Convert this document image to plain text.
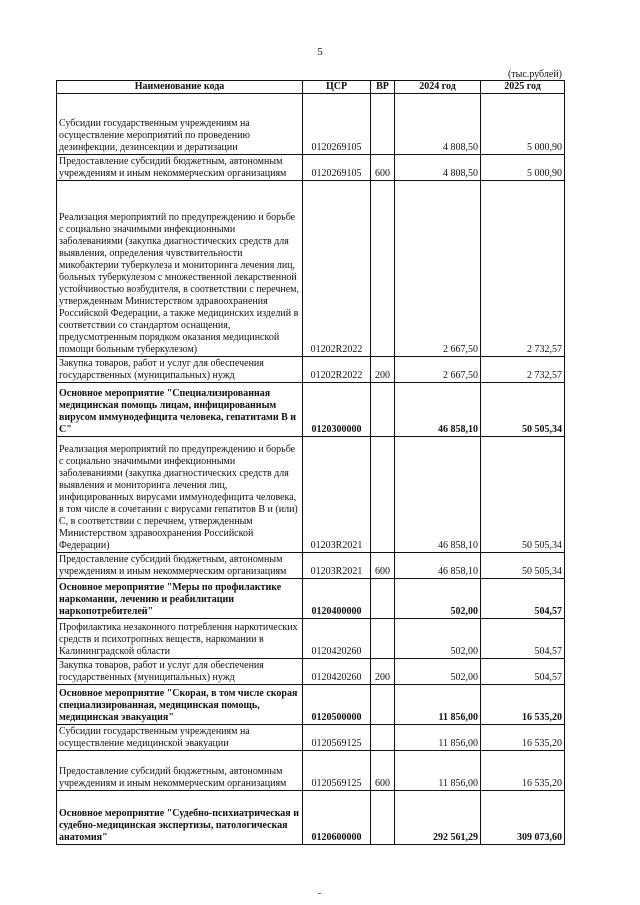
5
(тыс.рублей)
Наименование кода	ЦСР	ВР	2024 год	2025 год
Субсидии государственным учреждениям на осуществление мероприятий по проведению дезинфекции, дезинсекции и дератизации	0120269105		4 808,50	5 000,90
Предоставление субсидий бюджетным, автономным учреждениям и иным некоммерческим организациям	0120269105	600	4 808,50	5 000,90
Реализация мероприятий по предупреждению и борьбе с социально значимыми инфекционными заболеваниями (закупка диагностических средств для выявления, определения чувствительности микобактерии туберкулеза и мониторинга лечения лиц, больных туберкулезом с множественной лекарственной устойчивостью возбудителя, в соответствии с перечнем, утвержденным Министерством здравоохранения Российской Федерации, а также медицинских изделий в соответствии со стандартом оснащения, предусмотренным порядком оказания медицинской помощи больным туберкулезом)	01202R2022		2 667,50	2 732,57
Закупка товаров, работ и услуг для обеспечения государственных (муниципальных) нужд	01202R2022	200	2 667,50	2 732,57
Основное мероприятие "Специализированная медицинская помощь лицам, инфицированным вирусом иммунодефицита человека, гепатитами В и С"	0120300000		46 858,10	50 505,34
Реализация мероприятий по предупреждению и борьбе с социально значимыми инфекционными заболеваниями (закупка диагностических средств для выявления и мониторинга лечения лиц, инфицированных вирусами иммунодефицита человека, в том числе в сочетании с вирусами гепатитов В и (или) С, в соответствии с перечнем, утвержденным Министерством здравоохранения Российской Федерации)	01203R2021		46 858,10	50 505,34
Предоставление субсидий бюджетным, автономным учреждениям и иным некоммерческим организациям	01203R2021	600	46 858,10	50 505,34
Основное мероприятие "Меры по профилактике наркомании, лечению и реабилитации наркопотребителей"	0120400000		502,00	504,57
Профилактика незаконного потребления наркотических средств и психотропных веществ, наркомании в Калининградской области	0120420260		502,00	504,57
Закупка товаров, работ и услуг для обеспечения государственных (муниципальных) нужд	0120420260	200	502,00	504,57
Основное мероприятие "Скорая, в том числе скорая специализированная, медицинская помощь, медицинская эвакуация"	0120500000		11 856,00	16 535,20
Субсидии государственным учреждениям на осуществление медицинской эвакуации	0120569125		11 856,00	16 535,20
Предоставление субсидий бюджетным, автономным учреждениям и иным некоммерческим организациям	0120569125	600	11 856,00	16 535,20
Основное мероприятие "Судебно-психиатрическая и судебно-медицинская экспертизы, патологическая анатомия"	0120600000		292 561,29	309 073,60
